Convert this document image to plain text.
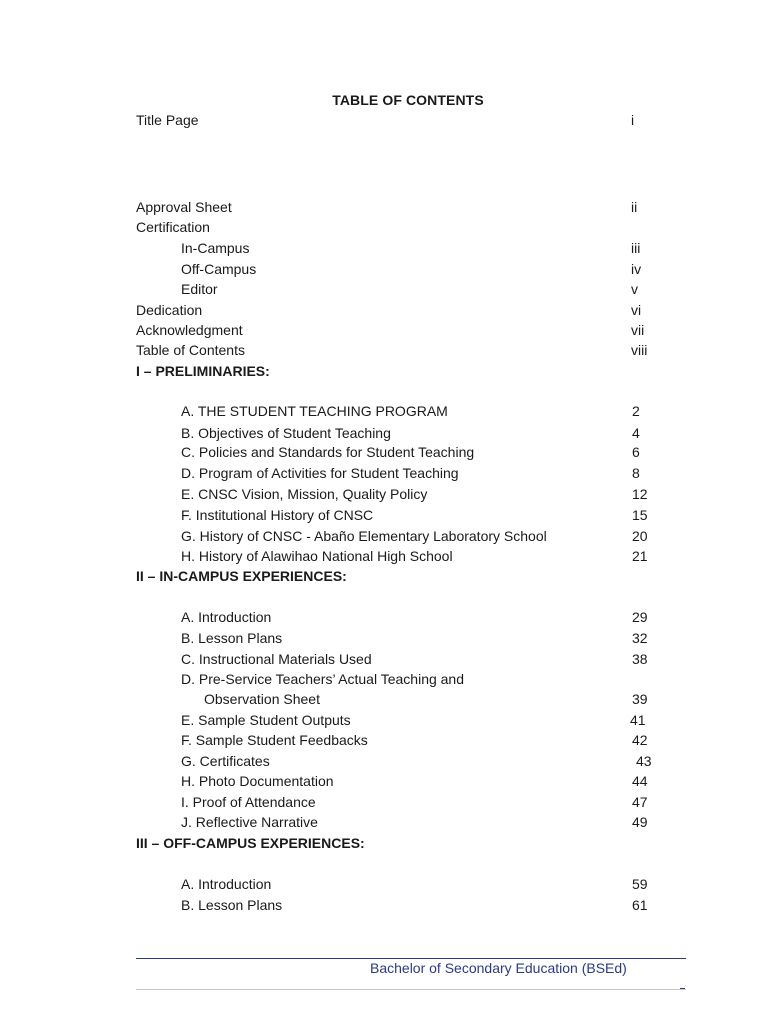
TABLE OF CONTENTS
Title Page	i
Approval Sheet	ii
Certification
In-Campus	iii
Off-Campus	iv
Editor	v
Dedication	vi
Acknowledgment	vii
Table of Contents	viii
I – PRELIMINARIES:
A. THE STUDENT TEACHING PROGRAM	2
B. Objectives of Student Teaching	4
C. Policies and Standards for Student Teaching	6
D. Program of Activities for Student Teaching	8
E. CNSC Vision, Mission, Quality Policy	12
F. Institutional History of CNSC	15
G. History of CNSC - Abaño Elementary Laboratory School	20
H. History of Alawihao National High School	21
II – IN-CAMPUS EXPERIENCES:
A. Introduction	29
B. Lesson Plans	32
C. Instructional Materials Used	38
D. Pre-Service Teachers’ Actual Teaching and
Observation Sheet	39
E. Sample Student Outputs	41
F. Sample Student Feedbacks	42
G. Certificates	43
H. Photo Documentation	44
I. Proof of Attendance	47
J. Reflective Narrative	49
III – OFF-CAMPUS EXPERIENCES:
A. Introduction	59
B. Lesson Plans	61
Bachelor of Secondary Education (BSEd)
